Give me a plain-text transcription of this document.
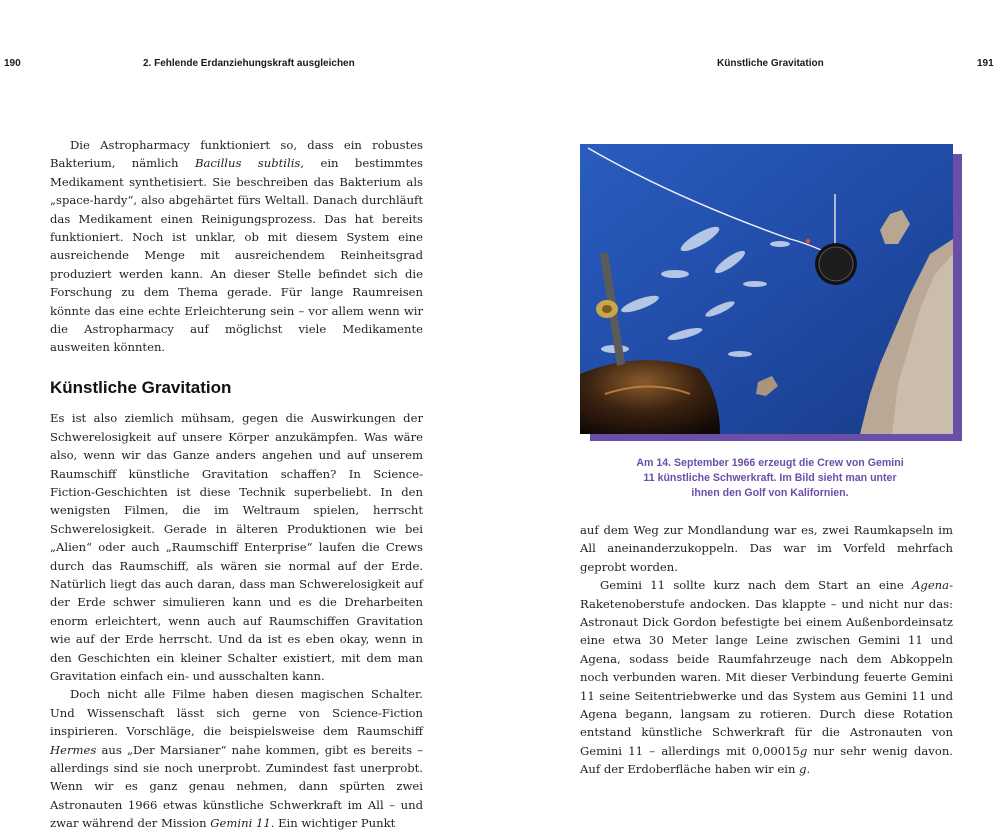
190	2. Fehlende Erdanziehungskraft ausgleichen	Künstliche Gravitation	191

Die Astropharmacy funktioniert so, dass ein robustes Bakterium, nämlich Bacillus subtilis, ein bestimmtes Medikament synthetisiert. Sie beschreiben das Bakterium als „space-hardy“, also abgehärtet fürs Weltall. Danach durchläuft das Medikament einen Reinigungsprozess. Das hat bereits funktioniert. Noch ist unklar, ob mit diesem System eine ausreichende Menge mit ausreichendem Reinheitsgrad produziert werden kann. An dieser Stelle befindet sich die Forschung zu dem Thema gerade. Für lange Raumreisen könnte das eine echte Erleichterung sein – vor allem wenn wir die Astropharmacy auf möglichst viele Medikamente ausweiten könnten.

Künstliche Gravitation

Es ist also ziemlich mühsam, gegen die Auswirkungen der Schwerelosigkeit auf unsere Körper anzukämpfen. Was wäre also, wenn wir das Ganze anders angehen und auf unserem Raumschiff künstliche Gravitation schaffen? In Science-Fiction-Geschichten ist diese Technik superbeliebt. In den wenigsten Filmen, die im Weltraum spielen, herrscht Schwerelosigkeit. Gerade in älteren Produktionen wie bei „Alien“ oder auch „Raumschiff Enterprise“ laufen die Crews durch das Raumschiff, als wären sie normal auf der Erde. Natürlich liegt das auch daran, dass man Schwerelosigkeit auf der Erde schwer simulieren kann und es die Dreharbeiten enorm erleichtert, wenn auch auf Raumschiffen Gravitation wie auf der Erde herrscht. Und da ist es eben okay, wenn in den Geschichten ein kleiner Schalter existiert, mit dem man Gravitation einfach ein- und ausschalten kann.

Doch nicht alle Filme haben diesen magischen Schalter. Und Wissenschaft lässt sich gerne von Science-Fiction inspirieren. Vorschläge, die beispielsweise dem Raumschiff Hermes aus „Der Marsianer“ nahe kommen, gibt es bereits – allerdings sind sie noch unerprobt. Zumindest fast unerprobt. Wenn wir es ganz genau nehmen, dann spürten zwei Astronauten 1966 etwas künstliche Schwerkraft im All – und zwar während der Mission Gemini 11. Ein wichtiger Punkt

Am 14. September 1966 erzeugt die Crew von Gemini
11 künstliche Schwerkraft. Im Bild sieht man unter
ihnen den Golf von Kalifornien.

auf dem Weg zur Mondlandung war es, zwei Raumkapseln im All aneinanderzukoppeln. Das war im Vorfeld mehrfach geprobt worden.

Gemini 11 sollte kurz nach dem Start an eine Agena-Raketenoberstufe andocken. Das klappte – und nicht nur das: Astronaut Dick Gordon befestigte bei einem Außenbordeinsatz eine etwa 30 Meter lange Leine zwischen Gemini 11 und Agena, sodass beide Raumfahrzeuge nach dem Abkoppeln noch verbunden waren. Mit dieser Verbindung feuerte Gemini 11 seine Seitentriebwerke und das System aus Gemini 11 und Agena begann, langsam zu rotieren. Durch diese Rotation entstand künstliche Schwerkraft für die Astronauten von Gemini 11 – allerdings mit 0,00015g nur sehr wenig davon. Auf der Erdoberfläche haben wir ein g.
